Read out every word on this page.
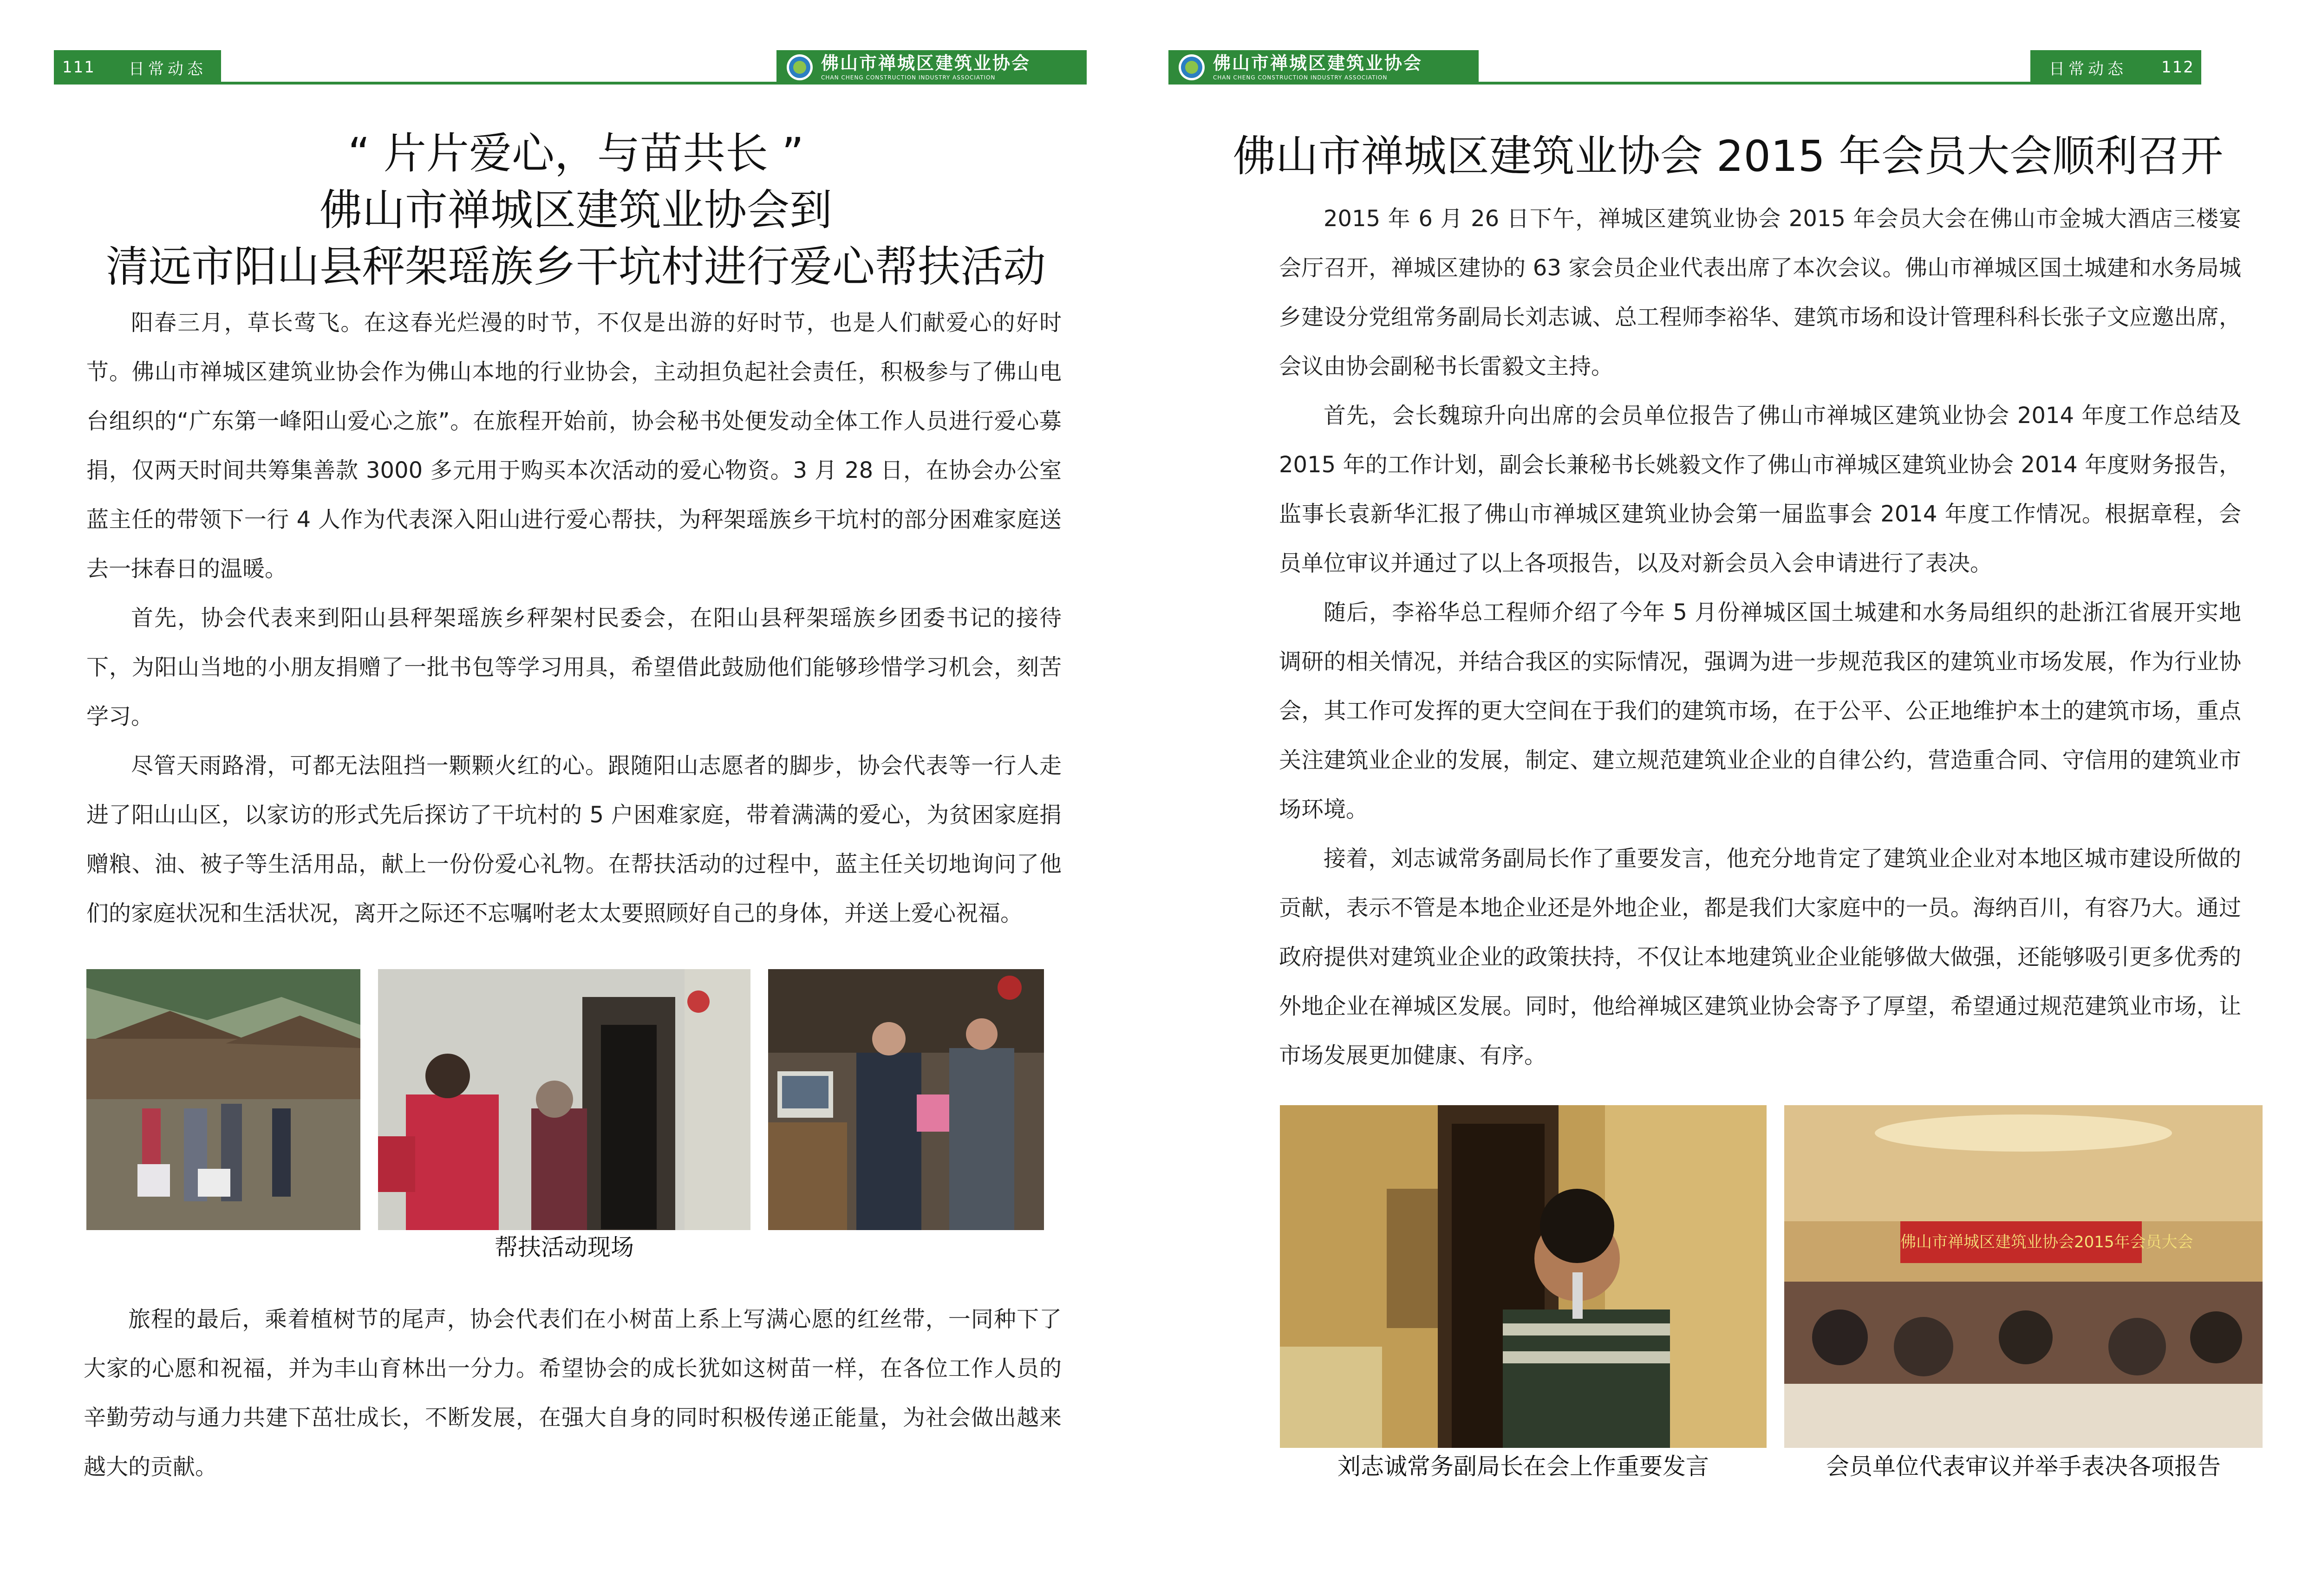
111 日常动态	佛山市禅城区建筑业协会
CHAN CHENG CONSTRUCTION INDUSTRY ASSOCIATION
“ 片片爱心，与苗共长 ”
佛山市禅城区建筑业协会到
清远市阳山县秤架瑶族乡干坑村进行爱心帮扶活动

阳春三月，草长莺飞。在这春光烂漫的时节，不仅是出游的好时节，也是人们献爱心的好时节。佛山市禅城区建筑业协会作为佛山本地的行业协会，主动担负起社会责任，积极参与了佛山电台组织的“广东第一峰阳山爱心之旅”。在旅程开始前，协会秘书处便发动全体工作人员进行爱心募捐，仅两天时间共筹集善款 3000 多元用于购买本次活动的爱心物资。3 月 28 日，在协会办公室蓝主任的带领下一行 4 人作为代表深入阳山进行爱心帮扶，为秤架瑶族乡干坑村的部分困难家庭送去一抹春日的温暖。

首先，协会代表来到阳山县秤架瑶族乡秤架村民委会，在阳山县秤架瑶族乡团委书记的接待下，为阳山当地的小朋友捐赠了一批书包等学习用具，希望借此鼓励他们能够珍惜学习机会，刻苦学习。

尽管天雨路滑，可都无法阻挡一颗颗火红的心。跟随阳山志愿者的脚步，协会代表等一行人走进了阳山山区，以家访的形式先后探访了干坑村的 5 户困难家庭，带着满满的爱心，为贫困家庭捐赠粮、油、被子等生活用品，献上一份份爱心礼物。在帮扶活动的过程中，蓝主任关切地询问了他们的家庭状况和生活状况，离开之际还不忘嘱咐老太太要照顾好自己的身体，并送上爱心祝福。

帮扶活动现场

旅程的最后，乘着植树节的尾声，协会代表们在小树苗上系上写满心愿的红丝带，一同种下了大家的心愿和祝福，并为丰山育林出一分力。希望协会的成长犹如这树苗一样，在各位工作人员的辛勤劳动与通力共建下茁壮成长，不断发展，在强大自身的同时积极传递正能量，为社会做出越来越大的贡献。

佛山市禅城区建筑业协会
CHAN CHENG CONSTRUCTION INDUSTRY ASSOCIATION	日常动态 112
佛山市禅城区建筑业协会 2015 年会员大会顺利召开

2015 年 6 月 26 日下午，禅城区建筑业协会 2015 年会员大会在佛山市金城大酒店三楼宴会厅召开，禅城区建协的 63 家会员企业代表出席了本次会议。佛山市禅城区国土城建和水务局城乡建设分党组常务副局长刘志诚、总工程师李裕华、建筑市场和设计管理科科长张子文应邀出席，会议由协会副秘书长雷毅文主持。

首先，会长魏琼升向出席的会员单位报告了佛山市禅城区建筑业协会 2014 年度工作总结及 2015 年的工作计划，副会长兼秘书长姚毅文作了佛山市禅城区建筑业协会 2014 年度财务报告，监事长袁新华汇报了佛山市禅城区建筑业协会第一届监事会 2014 年度工作情况。根据章程，会员单位审议并通过了以上各项报告，以及对新会员入会申请进行了表决。

随后，李裕华总工程师介绍了今年 5 月份禅城区国土城建和水务局组织的赴浙江省展开实地调研的相关情况，并结合我区的实际情况，强调为进一步规范我区的建筑业市场发展，作为行业协会，其工作可发挥的更大空间在于我们的建筑市场，在于公平、公正地维护本土的建筑市场，重点关注建筑业企业的发展，制定、建立规范建筑业企业的自律公约，营造重合同、守信用的建筑业市场环境。

接着，刘志诚常务副局长作了重要发言，他充分地肯定了建筑业企业对本地区城市建设所做的贡献，表示不管是本地企业还是外地企业，都是我们大家庭中的一员。海纳百川，有容乃大。通过政府提供对建筑业企业的政策扶持，不仅让本地建筑业企业能够做大做强，还能够吸引更多优秀的外地企业在禅城区发展。同时，他给禅城区建筑业协会寄予了厚望，希望通过规范建筑业市场，让市场发展更加健康、有序。

佛山市禅城区建筑业协会2015年会员大会
刘志诚常务副局长在会上作重要发言	会员单位代表审议并举手表决各项报告
